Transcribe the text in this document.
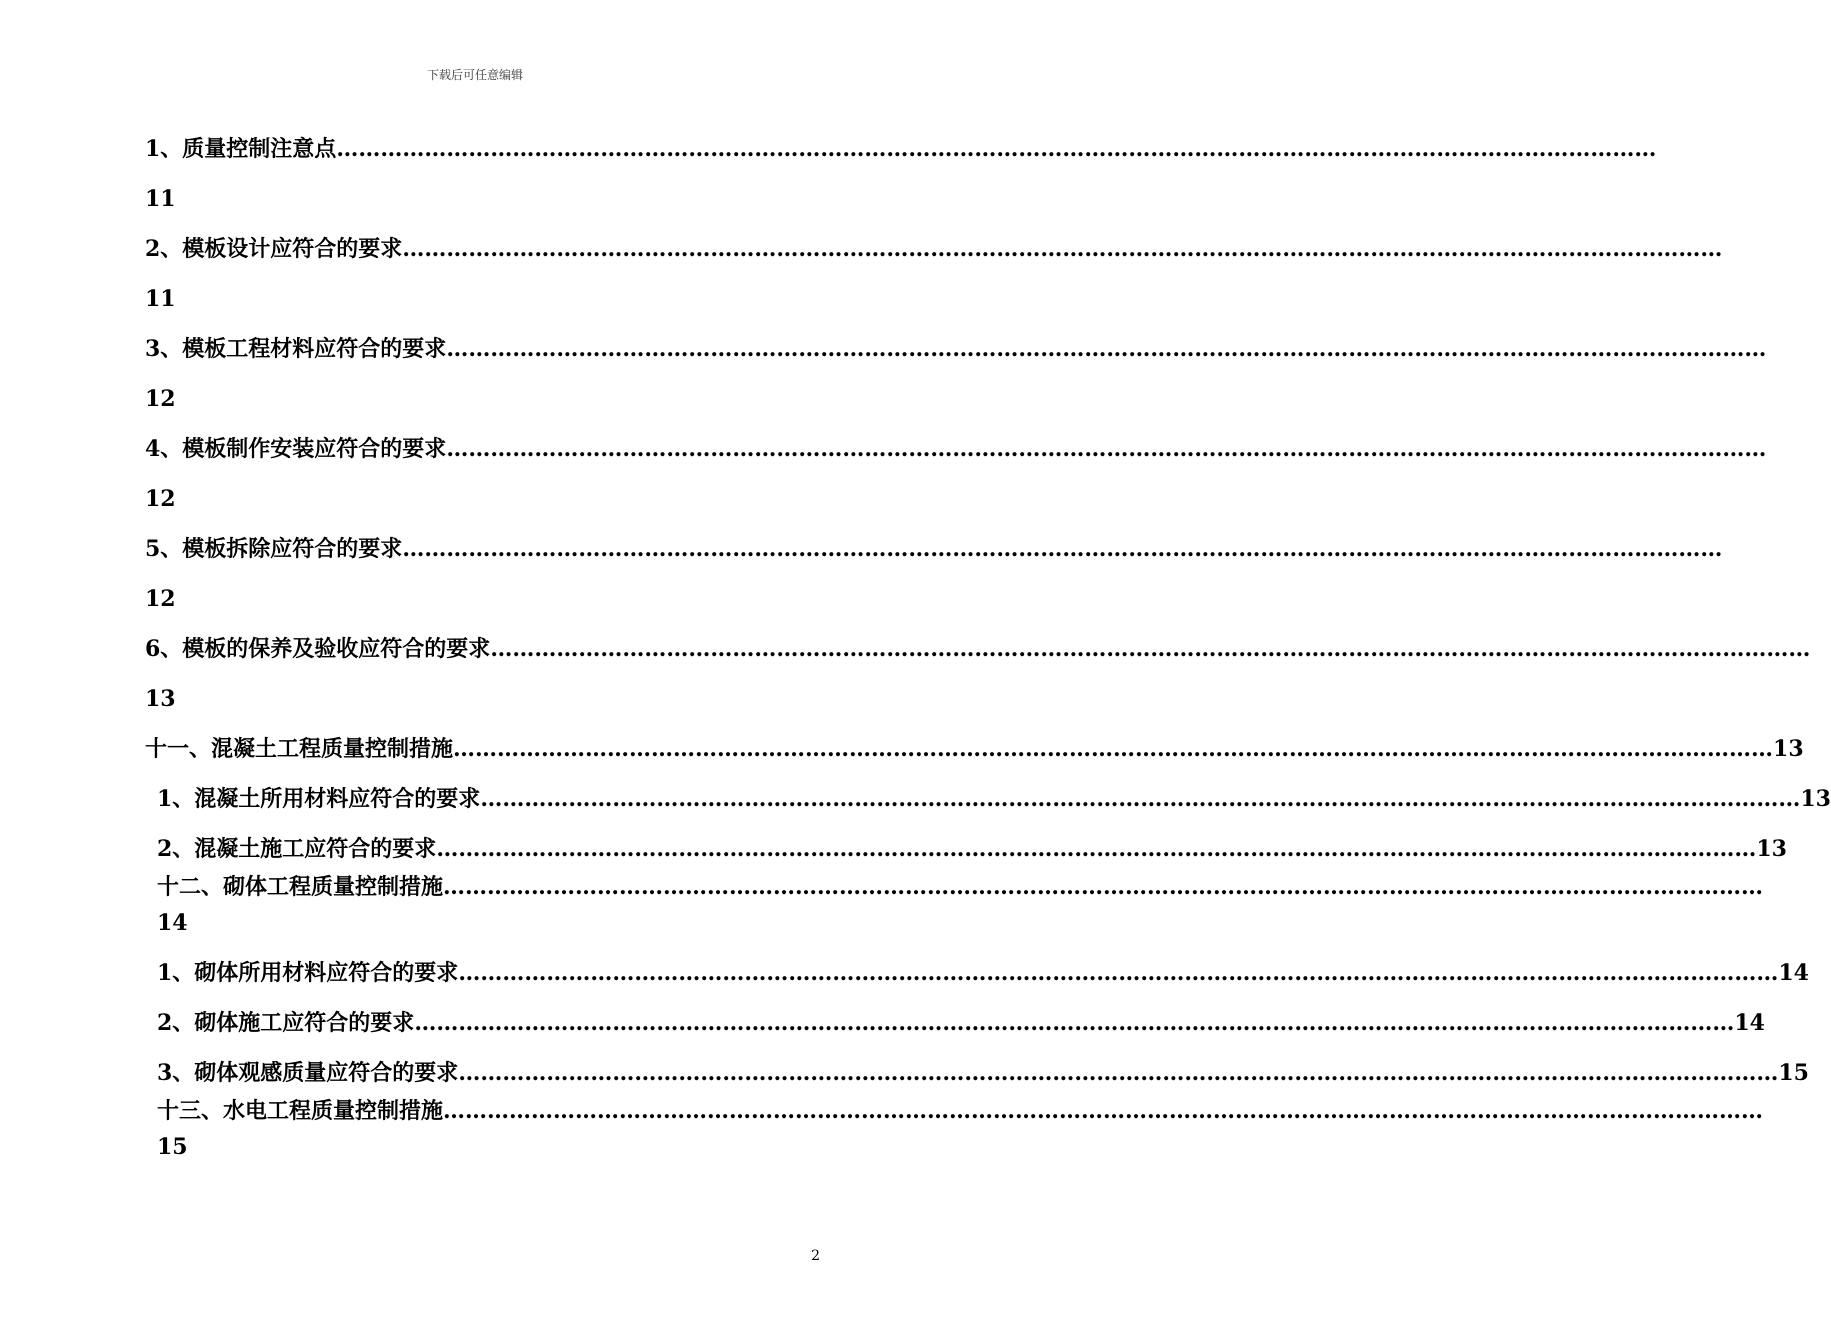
下载后可任意编辑
1、质量控制注意点 ………………………………………………………………………………………………………………………………………………………………
11
2、模板设计应符合的要求 ………………………………………………………………………………………………………………………………………………………………
11
3、模板工程材料应符合的要求 ………………………………………………………………………………………………………………………………………………………………
12
4、模板制作安装应符合的要求 ………………………………………………………………………………………………………………………………………………………………
12
5、模板拆除应符合的要求 ………………………………………………………………………………………………………………………………………………………………
12
6、模板的保养及验收应符合的要求 ………………………………………………………………………………………………………………………………………………………………
13
十一、混凝土工程质量控制措施 ……………………………………………………………………………………………………………………………………………………………… 13
1、混凝土所用材料应符合的要求 ……………………………………………………………………………………………………………………………………………………………… 13
2、混凝土施工应符合的要求 ……………………………………………………………………………………………………………………………………………………………… 13
十二、砌体工程质量控制措施 ………………………………………………………………………………………………………………………………………………………………
14
1、砌体所用材料应符合的要求 ……………………………………………………………………………………………………………………………………………………………… 14
2、砌体施工应符合的要求 ……………………………………………………………………………………………………………………………………………………………… 14
3、砌体观感质量应符合的要求 ……………………………………………………………………………………………………………………………………………………………… 15
十三、水电工程质量控制措施 ………………………………………………………………………………………………………………………………………………………………
15
2
